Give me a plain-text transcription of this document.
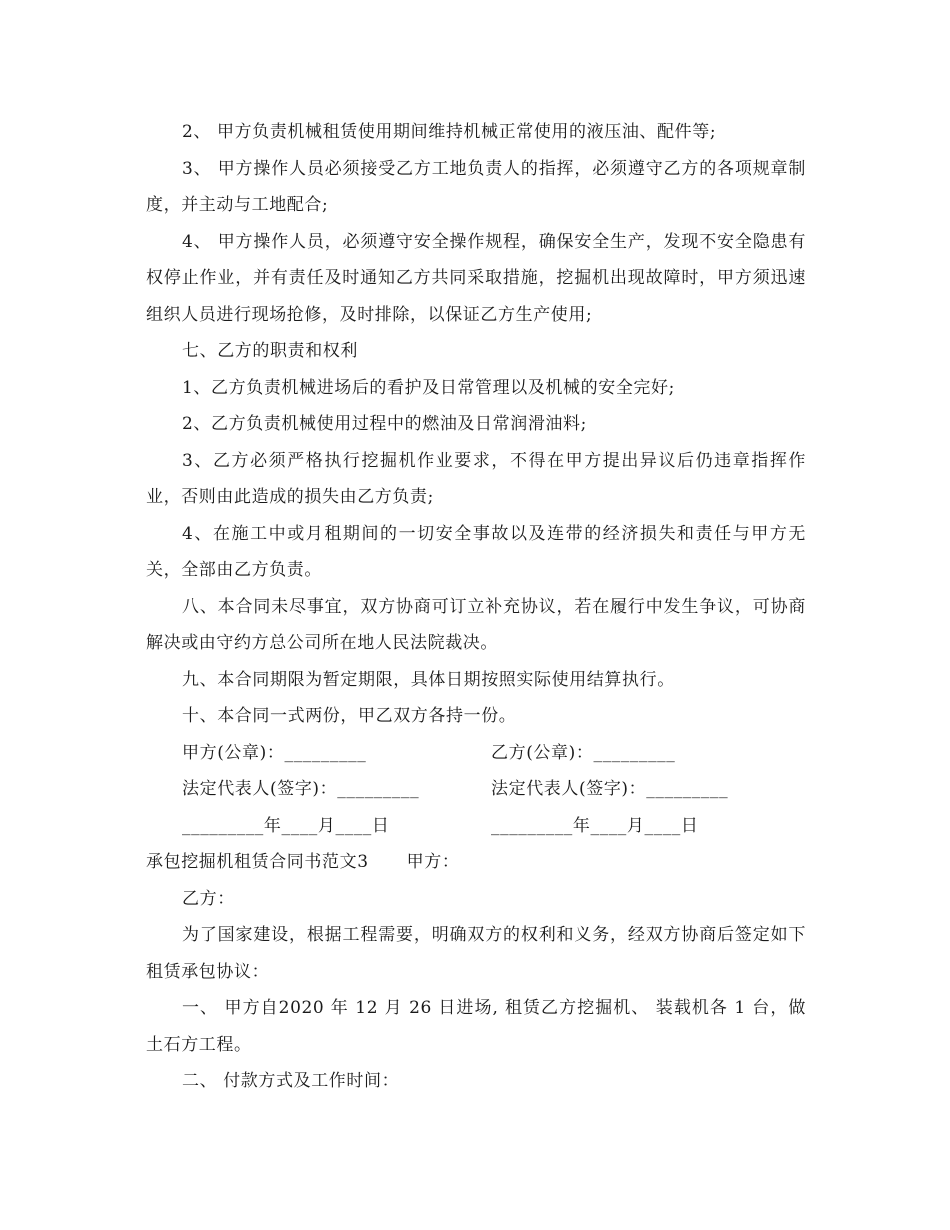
2、 甲方负责机械租赁使用期间维持机械正常使用的液压油、配件等;

3、 甲方操作人员必须接受乙方工地负责人的指挥，必须遵守乙方的各项规章制度，并主动与工地配合;

4、 甲方操作人员，必须遵守安全操作规程，确保安全生产，发现不安全隐患有权停止作业，并有责任及时通知乙方共同采取措施，挖掘机出现故障时，甲方须迅速组织人员进行现场抢修，及时排除，以保证乙方生产使用;

七、乙方的职责和权利

1、乙方负责机械进场后的看护及日常管理以及机械的安全完好;

2、乙方负责机械使用过程中的燃油及日常润滑油料;

3、乙方必须严格执行挖掘机作业要求，不得在甲方提出异议后仍违章指挥作业，否则由此造成的损失由乙方负责;

4、在施工中或月租期间的一切安全事故以及连带的经济损失和责任与甲方无关，全部由乙方负责。

八、本合同未尽事宜，双方协商可订立补充协议，若在履行中发生争议，可协商解决或由守约方总公司所在地人民法院裁决。

九、本合同期限为暂定期限，具体日期按照实际使用结算执行。

十、本合同一式两份，甲乙双方各持一份。

甲方(公章)：_________	乙方(公章)：_________
法定代表人(签字)：_________	法定代表人(签字)：_________
_________年____月____日	_________年____月____日

承包挖掘机租赁合同书范文3 甲方：

乙方：

为了国家建设，根据工程需要，明确双方的权利和义务，经双方协商后签定如下租赁承包协议：

一、 甲方自2020 年 12 月 26 日进场, 租赁乙方挖掘机、 装载机各 1 台，做土石方工程。

二、 付款方式及工作时间：
